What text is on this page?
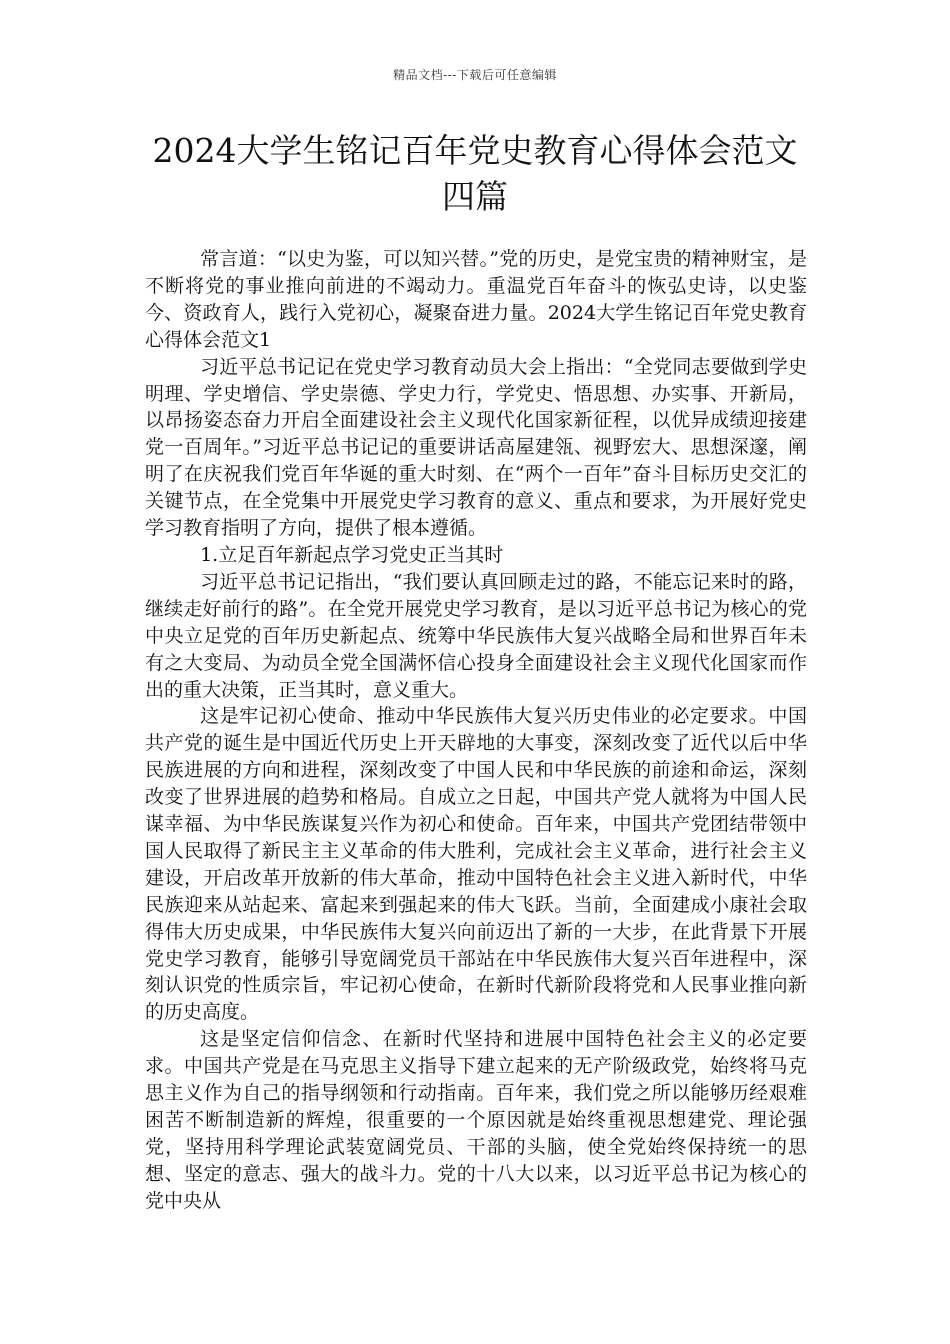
精品文档---下载后可任意编辑
2024大学生铭记百年党史教育心得体会范文四篇

常言道：“以史为鉴，可以知兴替。”党的历史，是党宝贵的精神财宝，是不断将党的事业推向前进的不竭动力。重温党百年奋斗的恢弘史诗，以史鉴今、资政育人，践行入党初心，凝聚奋进力量。2024大学生铭记百年党史教育心得体会范文1

习近平总书记记在党史学习教育动员大会上指出：“全党同志要做到学史明理、学史增信、学史崇德、学史力行，学党史、悟思想、办实事、开新局，以昂扬姿态奋力开启全面建设社会主义现代化国家新征程，以优异成绩迎接建党一百周年。”习近平总书记记的重要讲话高屋建瓴、视野宏大、思想深邃，阐明了在庆祝我们党百年华诞的重大时刻、在“两个一百年”奋斗目标历史交汇的关键节点，在全党集中开展党史学习教育的意义、重点和要求，为开展好党史学习教育指明了方向，提供了根本遵循。

1.立足百年新起点学习党史正当其时

习近平总书记记指出，“我们要认真回顾走过的路，不能忘记来时的路，继续走好前行的路”。在全党开展党史学习教育，是以习近平总书记为核心的党中央立足党的百年历史新起点、统筹中华民族伟大复兴战略全局和世界百年未有之大变局、为动员全党全国满怀信心投身全面建设社会主义现代化国家而作出的重大决策，正当其时，意义重大。

这是牢记初心使命、推动中华民族伟大复兴历史伟业的必定要求。中国共产党的诞生是中国近代历史上开天辟地的大事变，深刻改变了近代以后中华民族进展的方向和进程，深刻改变了中国人民和中华民族的前途和命运，深刻改变了世界进展的趋势和格局。自成立之日起，中国共产党人就将为中国人民谋幸福、为中华民族谋复兴作为初心和使命。百年来，中国共产党团结带领中国人民取得了新民主主义革命的伟大胜利，完成社会主义革命，进行社会主义建设，开启改革开放新的伟大革命，推动中国特色社会主义进入新时代，中华民族迎来从站起来、富起来到强起来的伟大飞跃。当前，全面建成小康社会取得伟大历史成果，中华民族伟大复兴向前迈出了新的一大步，在此背景下开展党史学习教育，能够引导宽阔党员干部站在中华民族伟大复兴百年进程中，深刻认识党的性质宗旨，牢记初心使命，在新时代新阶段将党和人民事业推向新的历史高度。

这是坚定信仰信念、在新时代坚持和进展中国特色社会主义的必定要求。中国共产党是在马克思主义指导下建立起来的无产阶级政党，始终将马克思主义作为自己的指导纲领和行动指南。百年来，我们党之所以能够历经艰难困苦不断制造新的辉煌，很重要的一个原因就是始终重视思想建党、理论强党，坚持用科学理论武装宽阔党员、干部的头脑，使全党始终保持统一的思想、坚定的意志、强大的战斗力。党的十八大以来，以习近平总书记为核心的党中央从
